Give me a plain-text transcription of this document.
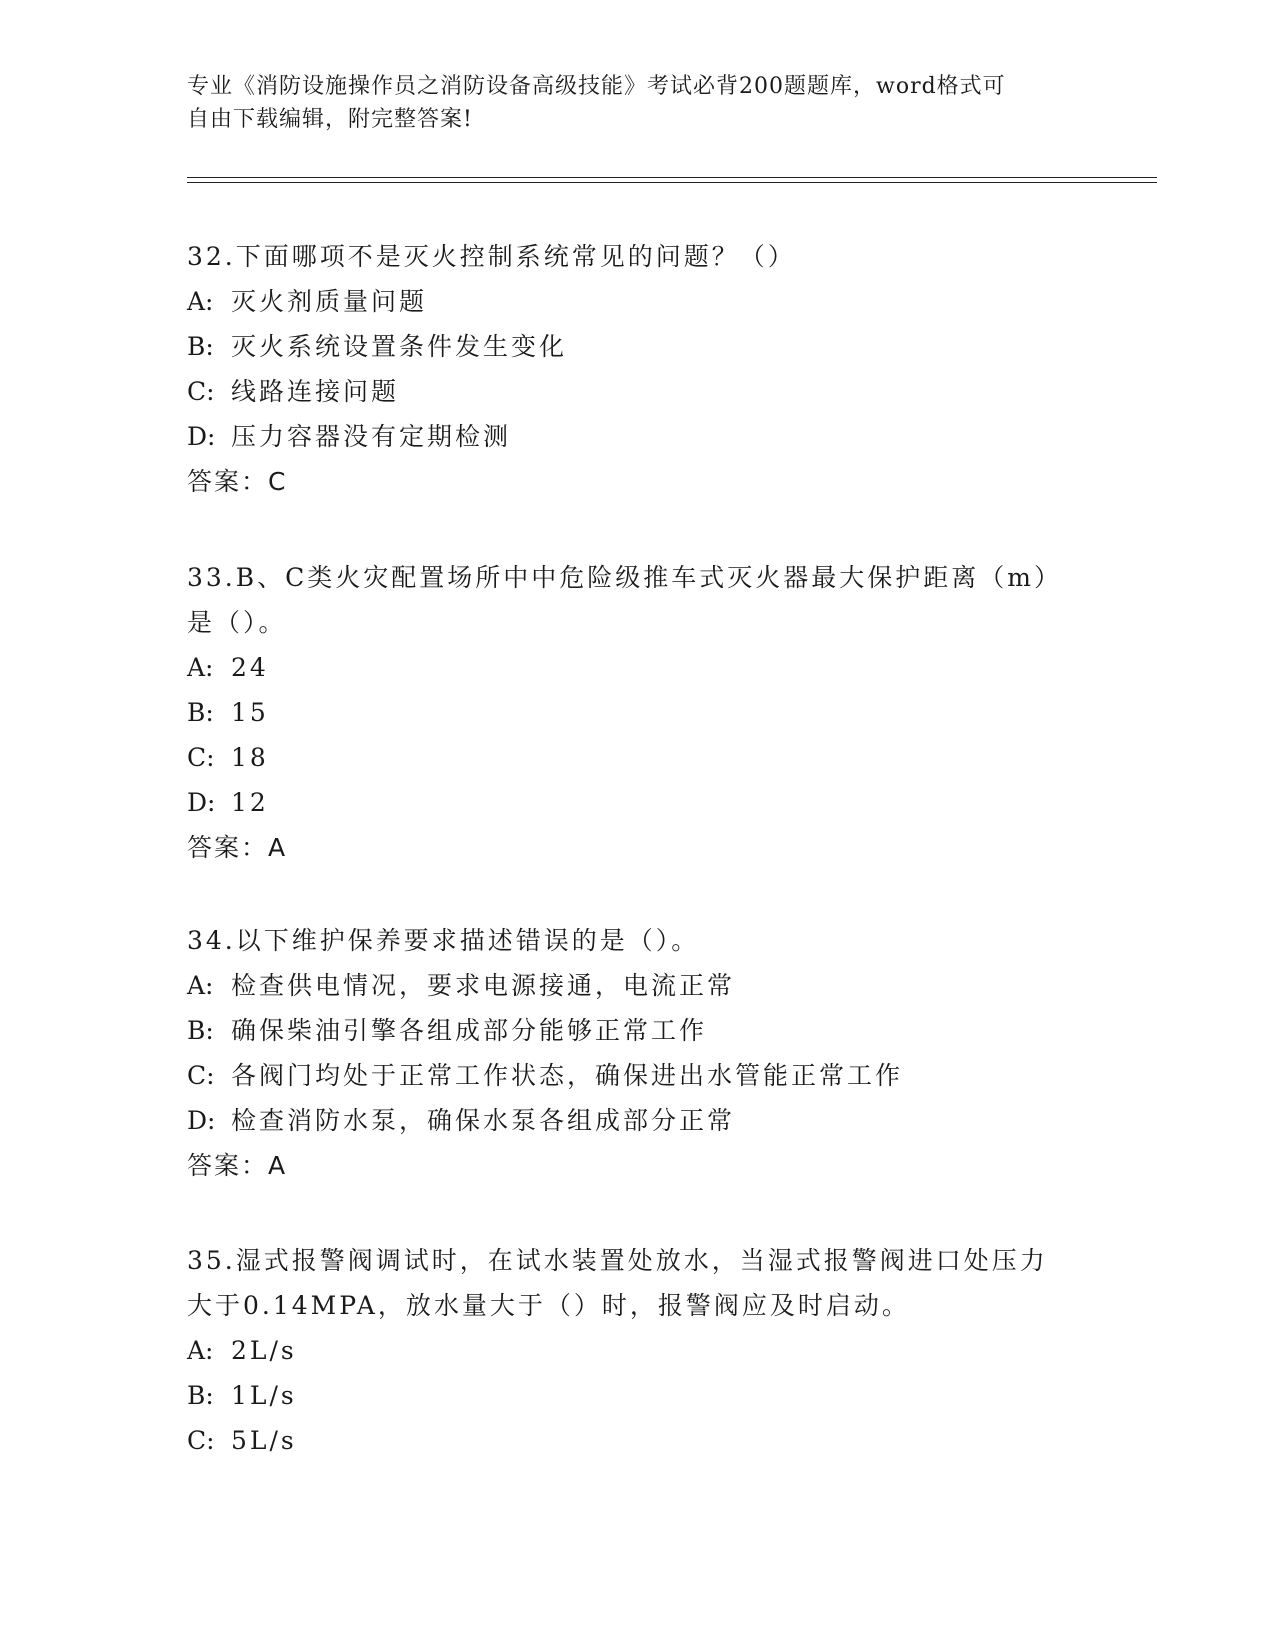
专业《消防设施操作员之消防设备高级技能》考试必背200题题库，word格式可
自由下载编辑，附完整答案!

32.下面哪项不是灭火控制系统常见的问题？（）

A: 灭火剂质量问题

B: 灭火系统设置条件发生变化

C: 线路连接问题

D: 压力容器没有定期检测

答案：C

33.B、C类火灾配置场所中中危险级推车式灭火器最大保护距离（m）

是（）。

A: 24

B: 15

C: 18

D: 12

答案：A

34.以下维护保养要求描述错误的是（）。

A: 检查供电情况，要求电源接通，电流正常

B: 确保柴油引擎各组成部分能够正常工作

C: 各阀门均处于正常工作状态，确保进出水管能正常工作

D: 检查消防水泵，确保水泵各组成部分正常

答案：A

35.湿式报警阀调试时，在试水装置处放水，当湿式报警阀进口处压力

大于0.14MPA，放水量大于（）时，报警阀应及时启动。

A: 2L/s

B: 1L/s

C: 5L/s
